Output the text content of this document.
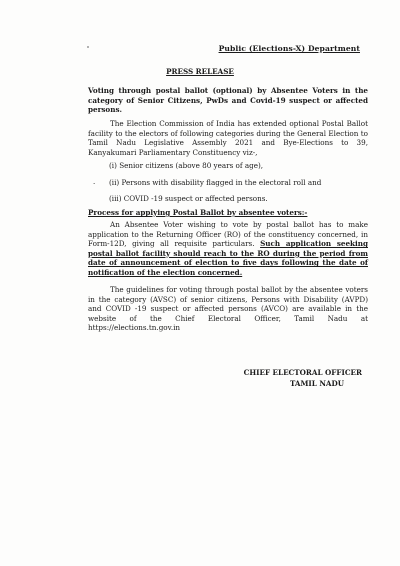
Public (Elections-X) Department
PRESS RELEASE
Voting through postal ballot (optional) by Absentee Voters in the category of Senior Citizens, PwDs and Covid-19 suspect or affected persons.
The Election Commission of India has extended optional Postal Ballot facility to the electors of following categories during the General Election to Tamil Nadu Legislative Assembly 2021 and Bye-Elections to 39, Kanyakumari Parliamentary Constituency viz-,
(i) Senior citizens (above 80 years of age),
. (ii) Persons with disability flagged in the electoral roll and
(iii) COVID -19 suspect or affected persons.
Process for applying Postal Ballot by absentee voters:-
An Absentee Voter wishing to vote by postal ballot has to make application to the Returning Officer (RO) of the constituency concerned, in Form-12D, giving all requisite particulars. Such application seeking postal ballot facility should reach to the RO during the period from date of announcement of election to five days following the date of notification of the election concerned.
The guidelines for voting through postal ballot by the absentee voters in the category (AVSC) of senior citizens, Persons with Disability (AVPD) and COVID -19 suspect or affected persons (AVCO) are available in the website of the Chief Electoral Officer, Tamil Nadu at https://elections.tn.gov.in
CHIEF ELECTORAL OFFICER
TAMIL NADU
